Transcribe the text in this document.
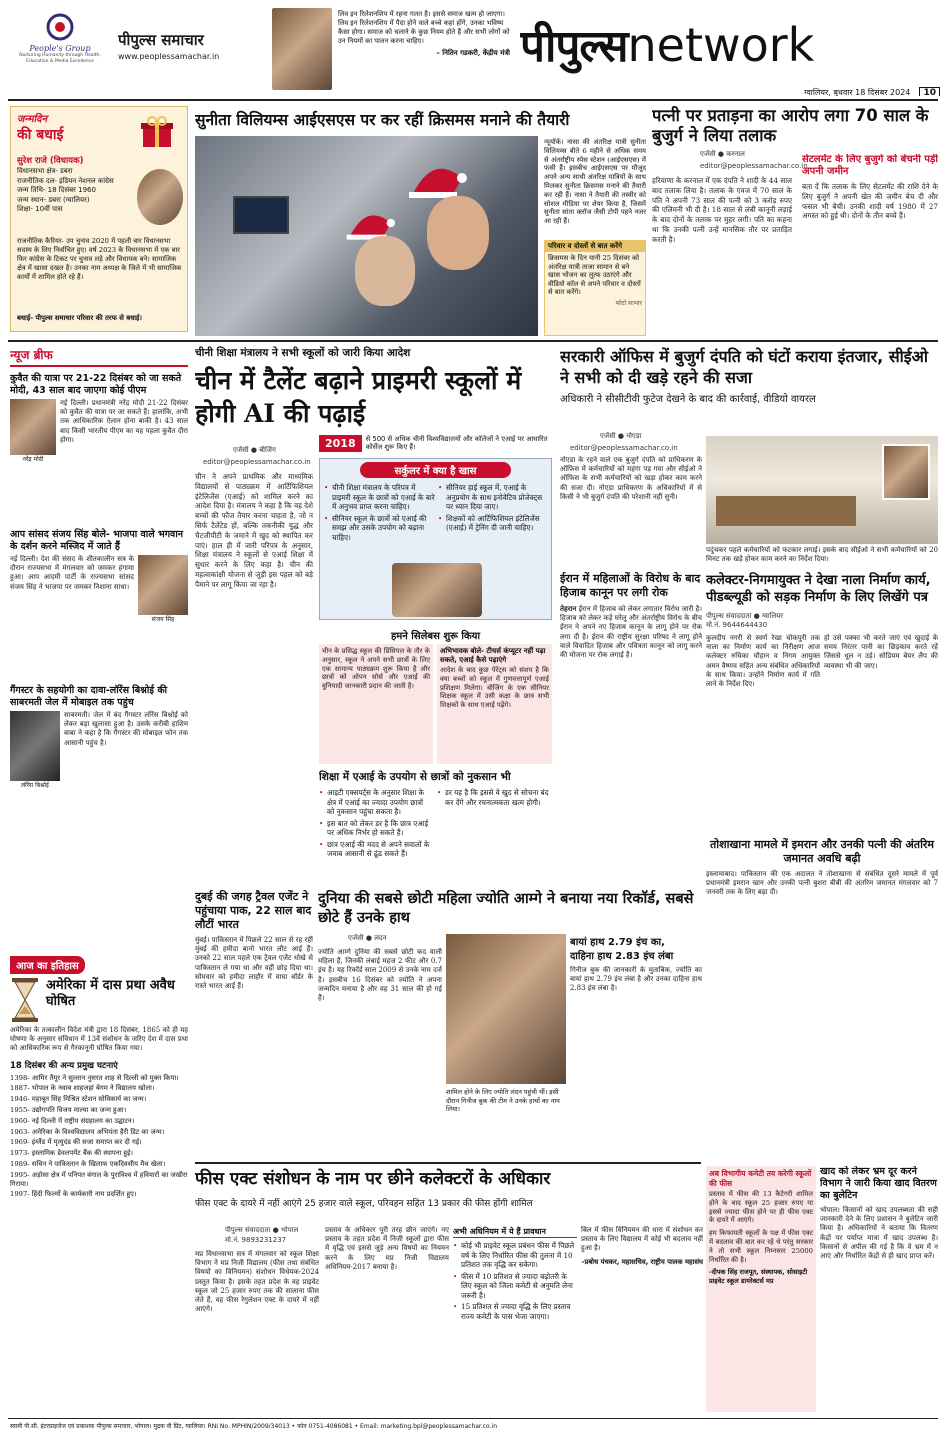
People's Group
Nurturing Humanity through Health, Education & Media Excellence
पीपुल्स समाचार
www.peoplessamachar.in
लिव इन रिलेशनशिप में रहना गलत है। इससे समाज खत्म हो जाएगा। लिव इन रिलेशनशिप में पैदा होने वाले बच्चे कहां होंगे, उनका भविष्य कैसा होगा। समाज को चलाने के कुछ नियम होते हैं और सभी लोगों को उन नियमों का पालन करना चाहिए।
– नितिन गडकरी, केंद्रीय मंत्री पीपुल्सnetwork
ग्वालियर, बुधवार 18 दिसंबर 2024 10
जन्मदिन
की बधाई
सुरेश राजे (विधायक)
विधानसभा क्षेत्र- डबरा
राजनीतिक दल- इंडियन नेशनल कांग्रेस
जन्म तिथि- 18 दिसंबर 1960
जन्म स्थान- डबरा (ग्वालियर)
शिक्षा- 10वीं पास
राजनीतिक कैरियर- उप चुनाव 2020 में पहली बार विधानसभा सदस्य के लिए निर्वाचित हुए। वर्ष 2023 के विधानसभा में एक बार फिर कांग्रेस के टिकट पर चुनाव लड़े और विधायक बने। सामाजिक क्षेत्र में खासा दखल है। उनका नाम अध्यक्ष के जिले में भी सामाजिक कार्यों में शामिल होते रहे हैं।
बधाई- पीपुल्स समाचार परिवार की तरफ से बधाई।
सुनीता विलियम्स आईएसएस पर कर रहीं क्रिसमस मनाने की तैयारी
न्यूयॉर्क। नासा की अंतरिक्ष यात्री सुनीता विलियम्स बीते 6 महीने से अधिक समय से अंतर्राष्ट्रीय स्पेस स्टेशन (आईएसएस) में फंसी हैं। इसबीच आईएसएस पर मौजूद अपने अन्य साथी अंतरिक्ष यात्रियों के साथ मिलकर सुनीता क्रिसमस मनाने की तैयारी कर रही हैं। नासा ने तैयारी की तस्वीर को सोशल मीडिया पर शेयर किया है, जिसमें सुनीता सांता क्लॉज जैसी टोपी पहने नजर आ रही हैं।
परिवार व दोस्तों से बात करेंगे
क्रिसमस के दिन यानी 25 दिसंबर को अंतरिक्ष यात्री ताजा सामान से बने खास भोजन का लुत्फ उठाएंगे और वीडियो कॉल से अपने परिवार व दोस्तों से बात करेंगे।
फोटो साभार
पत्नी पर प्रताड़ना का आरोप लगा 70 साल के बुजुर्ग ने लिया तलाक
एजेंसी ● करनाल
editor@peoplessamachar.co.in
हरियाणा के करनाल में एक दंपति ने शादी के 44 साल बाद तलाक लिया है। तलाक के एवज में 70 साल के पति ने अपनी 73 साल की पत्नी को 3 करोड़ रुपए की एलिमनी भी दी है। 18 साल से लंबी कानूनी लड़ाई के बाद दोनों के तलाक पर मुहर लगी। पति का कहना था कि उनकी पत्नी उन्हें मानसिक तौर पर प्रताड़ित करती है।
सेटलमेंट के लिए बुजुर्ग को बेचनी पड़ी अपनी जमीन
बता दें कि तलाक के लिए सेटलमेंट की राशि देने के लिए बुजुर्ग ने अपनी खेत की जमीन बेच दी और फसल भी बेची। उनकी शादी वर्ष 1980 में 27 अगस्त को हुई थी। दोनों के तीन बच्चे हैं।
न्यूज ब्रीफ
कुवैत की यात्रा पर 21-22 दिसंबर को जा सकते मोदी, 43 साल बाद जाएगा कोई पीएम
नरेंद्र मोदी
नई दिल्ली। प्रधानमंत्री नरेंद्र मोदी 21-22 दिसंबर को कुवैत की यात्रा पर जा सकते हैं। हालांकि, अभी तक आधिकारिक ऐलान होना बाकी है। 43 साल बाद किसी भारतीय पीएम का यह पहला कुवैत दौरा होगा।
आप सांसद संजय सिंह बोले- भाजपा वाले भगवान के दर्शन करने मस्जिद में जाते हैं
नई दिल्ली। देश की संसद के शीतकालीन सत्र के दौरान राज्यसभा में मंगलवार को जमकर हंगामा हुआ। आप आदमी पार्टी के राज्यसभा सांसद संजय सिंह ने भाजपा पर जमकर निशाना साधा।
संजय सिंह
गैंगस्टर के सहयोगी का दावा-लॉरेंस बिश्नोई की साबरमती जेल में मोबाइल तक पहुंच
लॉरेंस बिश्नोई
साबरमती। जेल में बंद गैंगस्टर लॉरेंस बिश्नोई को लेकर बड़ा खुलासा हुआ है। उसके करीबी हाशिम बाबा ने कहा है कि गैंगस्टर की मोबाइल फोन तक आसानी पहुंच है।
आज का इतिहास
अमेरिका में दास प्रथा अवैध घोषित
अमेरिका के तत्कालीन विदेश मंत्री द्वारा 18 दिसंबर, 1865 को ही यह घोषणा के अनुसार संविधान में 13वें संशोधन के जरिए देश में दास प्रथा को आधिकारिक रूप से गैरकानूनी घोषित किया गया।
18 दिसंबर की अन्य प्रमुख घटनाएं
1398- आमिर तैमूर ने सुल्तान नुसरत शाह से दिल्ली को मुक्त किया।
1887- भोपाल के नवाब शाहजहां बेगम ने विद्यालय खोला।
1946- महाबूत सिंह मिश्रित स्टेशन सोविकार्य का जन्म।
1955- उद्योगपति विजय माल्या का जन्म हुआ।
1960- नई दिल्ली में राष्ट्रीय संग्रहालय का उद्घाटन।
1963- अमेरिका के विश्वविद्यालय अभियंता हैरी डिट का जन्म।
1969- इंग्लैंड में मृत्युदंड की सजा समाप्त कर दी गई।
1973- इस्लामिक डेवलपमेंट बैंक की स्थापना हुई।
1989- सचिन ने पाकिस्तान के खिलाफ एकदिवसीय मैच खेला।
1995- अड़ोसा क्षेत्र में पनिपत बंगाल के पुराविश्व में हवियारों का जखीरा गिराया।
1997- हिंदी फिल्मों के कार्यकारी नाम प्रदर्शित हुए।
चीनी शिक्षा मंत्रालय ने सभी स्कूलों को जारी किया आदेश
चीन में टैलेंट बढ़ाने प्राइमरी स्कूलों में होगी AI की पढ़ाई
एजेंसी ● बीजिंग
editor@peoplessamachar.co.in
चीन ने अपने प्राथमिक और माध्यमिक विद्यालयों से पाठ्यक्रम में आर्टिफिशियल इंटेलिजेंस (एआई) को शामिल करने का आदेश दिया है। मंत्रालय ने कहा है कि वह देशे बच्चों की फौज तैयार करना चाहता है, जो न सिर्फ टैलेंटेड हों, बल्कि तकनीकी युद्ध और चैटजीपीटी के जमाने में खुद को स्थापित कर पाएं। हाल ही में जारी परिपत्र के अनुसार, शिक्षा मंत्रालय ने स्कूलों से एआई शिक्षा में सुधार करने के लिए कहा है। चीन की महत्वाकांक्षी योजना से जुड़ी इस पहल को बड़े पैमाने पर लागू किया जा रहा है।
2018	से 500 से अधिक चीनी विश्वविद्यालयों और कॉलेजों ने एआई पर आधारित कोर्सेज शुरू किए हैं।
सर्कुलर में क्या है खास
• चीनी शिक्षा मंत्रालय के परिपत्र में प्राइमरी स्कूल के छात्रों को एआई के बारे में अनुभव प्राप्त करना चाहिए।
• सीनियर स्कूल के छात्रों को एआई की समझ और उसके उपयोग को बढ़ाना चाहिए।
• सीनियर हाई स्कूल में, एआई के अनुप्रयोग के साथ इनोवेटिव प्रोजेक्ट्स पर ध्यान दिया जाए।
• शिक्षकों को आर्टिफिशियल इंटेलिजेंस (एआई) में ट्रेनिंग दी जानी चाहिए।
हमने सिलेबस शुरू किया
चीन के प्रसिद्ध स्कूल की प्रिंसिपल के तौर के अनुसार, स्कूल ने अपने सभी छात्रों के लिए एक सामान्य पाठ्यक्रम शुरू किया है और छात्रों को ओपन सोर्स और एआई की बुनियादी जानकारी प्रदान की जाती है।
अभिभावक बोले- टीचर्स कंप्यूटर नहीं पढ़ा सकते, एआई कैसे पढ़ाएंगे
आदेश के बाद कुछ पेरेंट्स को संशय है कि क्या बच्चों को स्कूल में गुणवत्तापूर्ण एआई प्रशिक्षण मिलेगा। बीजिंग के एक सीनियर शिक्षक स्कूल में उसी कक्षा के छात्र सभी शिक्षकों के साथ एआई पढ़ेंगे।
शिक्षा में एआई के उपयोग से छात्रों को नुकसान भी
• आइटी एक्सपर्ट्स के अनुसार शिक्षा के क्षेत्र में एआई का ज्यादा उपयोग छात्रों को नुकसान पहुंचा सकता है।
• इस बात को लेकर डर है कि छात्र एआई पर अधिक निर्भर हो सकते हैं।
• छात्र एआई की मदद से अपने सवालों के जवाब आसानी से ढूंढ सकते हैं।
• डर यह है कि इससे वे खुद से सोचना बंद कर देंगे और रचनात्मकता खत्म होगी।
सरकारी ऑफिस में बुजुर्ग दंपति को घंटों कराया इंतजार, सीईओ ने सभी को दी खड़े रहने की सजा
अधिकारी ने सीसीटीवी फुटेज देखने के बाद की कार्रवाई, वीडियो वायरल
एजेंसी ● नोएडा
editor@peoplessamachar.co.in
नोएडा के रहने वाले एक बुजुर्ग दंपति को प्राधिकरण के ऑफिस में कर्मचारियों को महंगा पड़ गया और सीईओ ने ऑफिस के सभी कर्मचारियों को खड़ा होकर काम करने की सजा दी। नोएडा प्राधिकरण के अधिकारियों में से किसी ने भी बुजुर्ग दंपति की परेशानी नहीं सुनी।
पदुंचकर पहले कर्मचारियों को फटकार लगाई। इसके बाद सीईओ ने सभी कर्मचारियों को 20 मिनट तक खड़े होकर काम करने का निर्देश दिया।
ईरान में महिलाओं के विरोध के बाद हिजाब कानून पर लगी रोक
तेहरान ईरान में हिजाब को लेकर लगातार विरोध जारी है। हिजाब को लेकर कड़े घरेलू और अंतर्राष्ट्रीय विरोध के बीच ईरान ने अपने नए हिजाब कानून के लागू होने पर रोक लगा दी है। ईरान की राष्ट्रीय सुरक्षा परिषद ने लागू होने वाले विवादित हिजाब और पवित्रता कानून को लागू करने की योजना पर रोक लगाई है।
कलेक्टर-निगमायुक्त ने देखा नाला निर्माण कार्य, पीडब्ल्यूडी को सड़क निर्माण के लिए लिखेंगे पत्र
पीपुल्स संवाददाता ● ग्वालियर
मो.नं. 9644644430
कुलदीप नगरी से स्वर्ण रेखा चोकपुरी तक नाला का निर्माण कार्य का निरीक्षण आज कलेक्टर रुचिका चौहान व निगम आयुक्त अमन वैष्णव सहित अन्य संबंधित अधिकारियों के साथ किया। उन्होंने निर्माण कार्य में गति लाने के निर्देश दिए।
हो उसे पक्का भी करते जाएं एवं खुदाई के समय निरंतर पानी का छिड़काव करते रहें जिससे धूल न उड़े। सोडियम बेयर लैप की व्यवस्था भी की जाए।
तोशाखाना मामले में इमरान और उनकी पत्नी की अंतरिम जमानत अवधि बढ़ी
इस्लामाबाद। पाकिस्तान की एक अदालत ने तोशाखाना से संबंधित दूसरे मामले में पूर्व प्रधानमंत्री इमरान खान और उनकी पत्नी बुशरा बीबी की अंतरिम जमानत मंगलवार को 7 जनवरी तक के लिए बढ़ा दी।
दुबई की जगह ट्रैवल एजेंट ने पहुंचाया पाक, 22 साल बाद लौटीं भारत
मुंबई। पाकिस्तान में पिछले 22 साल से रह रहीं मुंबई की हमीदा बानो भारत लौट आई हैं। उनको 22 साल पहले एक ट्रैवल एजेंट धोखे से पाकिस्तान ले गया था और वहीं छोड़ दिया था। सोमवार को हमीदा लाहौर में वाघा बॉर्डर के रास्ते भारत आईं हैं।
दुनिया की सबसे छोटी महिला ज्योति आम्गे ने बनाया नया रिकॉर्ड, सबसे छोटे हैं उनके हाथ
एजेंसी ● लंदन
ज्योति आम्गे दुनिया की सबसे छोटी कद वाली महिला हैं, जिनकी लंबाई महज 2 फीट और 0.7 इंच है। यह रिकॉर्ड साल 2009 से उनके नाम दर्ज है। इसबीच 16 दिसंबर को ज्योति ने अपना जन्मदिन मनाया है और वह 31 साल की हो गई हैं।
शामिल होने के लिए ज्योति लंदन पहुंची थीं। इसी दौरान गिनीज बुक की टीम ने उनके हाथों का नाप लिया।
बायां हाथ 2.79 इंच का,
दाहिना हाथ 2.83 इंच लंबा
गिनीज बुक की जानकारी के मुताबिक, ज्योति का बायां हाथ 2.79 इंच लंबा है और उनका दाहिना हाथ 2.83 इंच लंबा है।
फीस एक्ट संशोधन के नाम पर छीने कलेक्टरों के अधिकार
फीस एक्ट के दायरे में नहीं आएंगे 25 हजार वाले स्कूल, परिवहन सहित 13 प्रकार की फीस होंगी शामिल
पीपुल्स संवाददाता ● भोपाल
मो.नं. 9893231237
मप्र विधानसभा सत्र में मंगलवार को स्कूल शिक्षा विभाग ने मप्र निजी विद्यालय (फीस तथा संबंधित विषयों का विनियमन) संशोधन विधेयक-2024 प्रस्तुत किया है। इसके तहत प्रदेश के वह प्राइवेट स्कूल जो 25 हजार रुपए तक की सालाना फीस लेते हैं, वह फीस रेगुलेशन एक्ट के दायरे में नहीं आएंगे।
प्रस्ताव के अधिकार पूरी तरह छीन जाएंगे। नए प्रस्ताव के तहत प्रदेश में निजी स्कूलों द्वारा फीस में वृद्धि एवं इससे जुड़े अन्य विषयों का नियमन करने के लिए मप्र निजी विद्यालय अधिनियम-2017 बनाया है।
अभी अधिनियम में ये हैं प्रावधान
• कोई भी प्राइवेट स्कूल प्रबंधन फीस में पिछले वर्ष के लिए निर्धारित फीस की तुलना में 10 प्रतिशत तक वृद्धि कर सकेगा।
• फीस में 10 प्रतिशत से ज्यादा बढ़ोतरी के लिए स्कूल को जिला कमेटी से अनुमति लेना जरूरी है।
• 15 प्रतिशत से ज्यादा वृद्धि के लिए प्रस्ताव राज्य कमेटी के पास भेजा जाएगा।
बिल में फीस विनियमन की धारा में संशोधन कर प्रस्ताव के लिए विद्यालय में कोई भी बदलाव नहीं हुआ है।
-प्रबोध पंचकर, महासचिव, राष्ट्रीय पालक महासंघ
अब विभागीय कमेटी तय करेगी स्कूलों की फीस
प्रस्ताव में फीस की 13 कैटेगरी शामिल होने के बाद स्कूल 25 हजार रुपए या इससे ज्यादा फीस होने पर ही फीस एक्ट के दायरे में आएंगे।
हम किफायती स्कूलों के पक्ष में फीस एक्ट में बदलाव की बात कर रहे थे परंतु सरकार ने तो सभी स्कूल निम्नस्तर 25000 निर्धारित की है।
-दीपक सिंह राजपूत, संस्थापक, सोसाइटी प्राइवेट स्कूल डायरेक्टर्स मप्र
खाद को लेकर भ्रम दूर करने विभाग ने जारी किया खाद वितरण का बुलेटिन
भोपाल। किसानों को खाद उपलब्धता की सही जानकारी देने के लिए प्रशासन ने बुलेटिन जारी किया है। अधिकारियों ने बताया कि वितरण केंद्रों पर पर्याप्त मात्रा में खाद उपलब्ध है। किसानों से अपील की गई है कि वे भ्रम में न आएं और निर्धारित केंद्रों से ही खाद प्राप्त करें।
स्वामी पी.सी. इंटरप्राइजेज एवं प्रकाशक पीपुल्स समाचार, भोपाल। मुद्रक वी प्रिंट, ग्वालियर। RNI No. MPHIN/2009/34013 • फोन 0751-4086081 • Email: marketing.bpl@peoplessamachar.co.in
